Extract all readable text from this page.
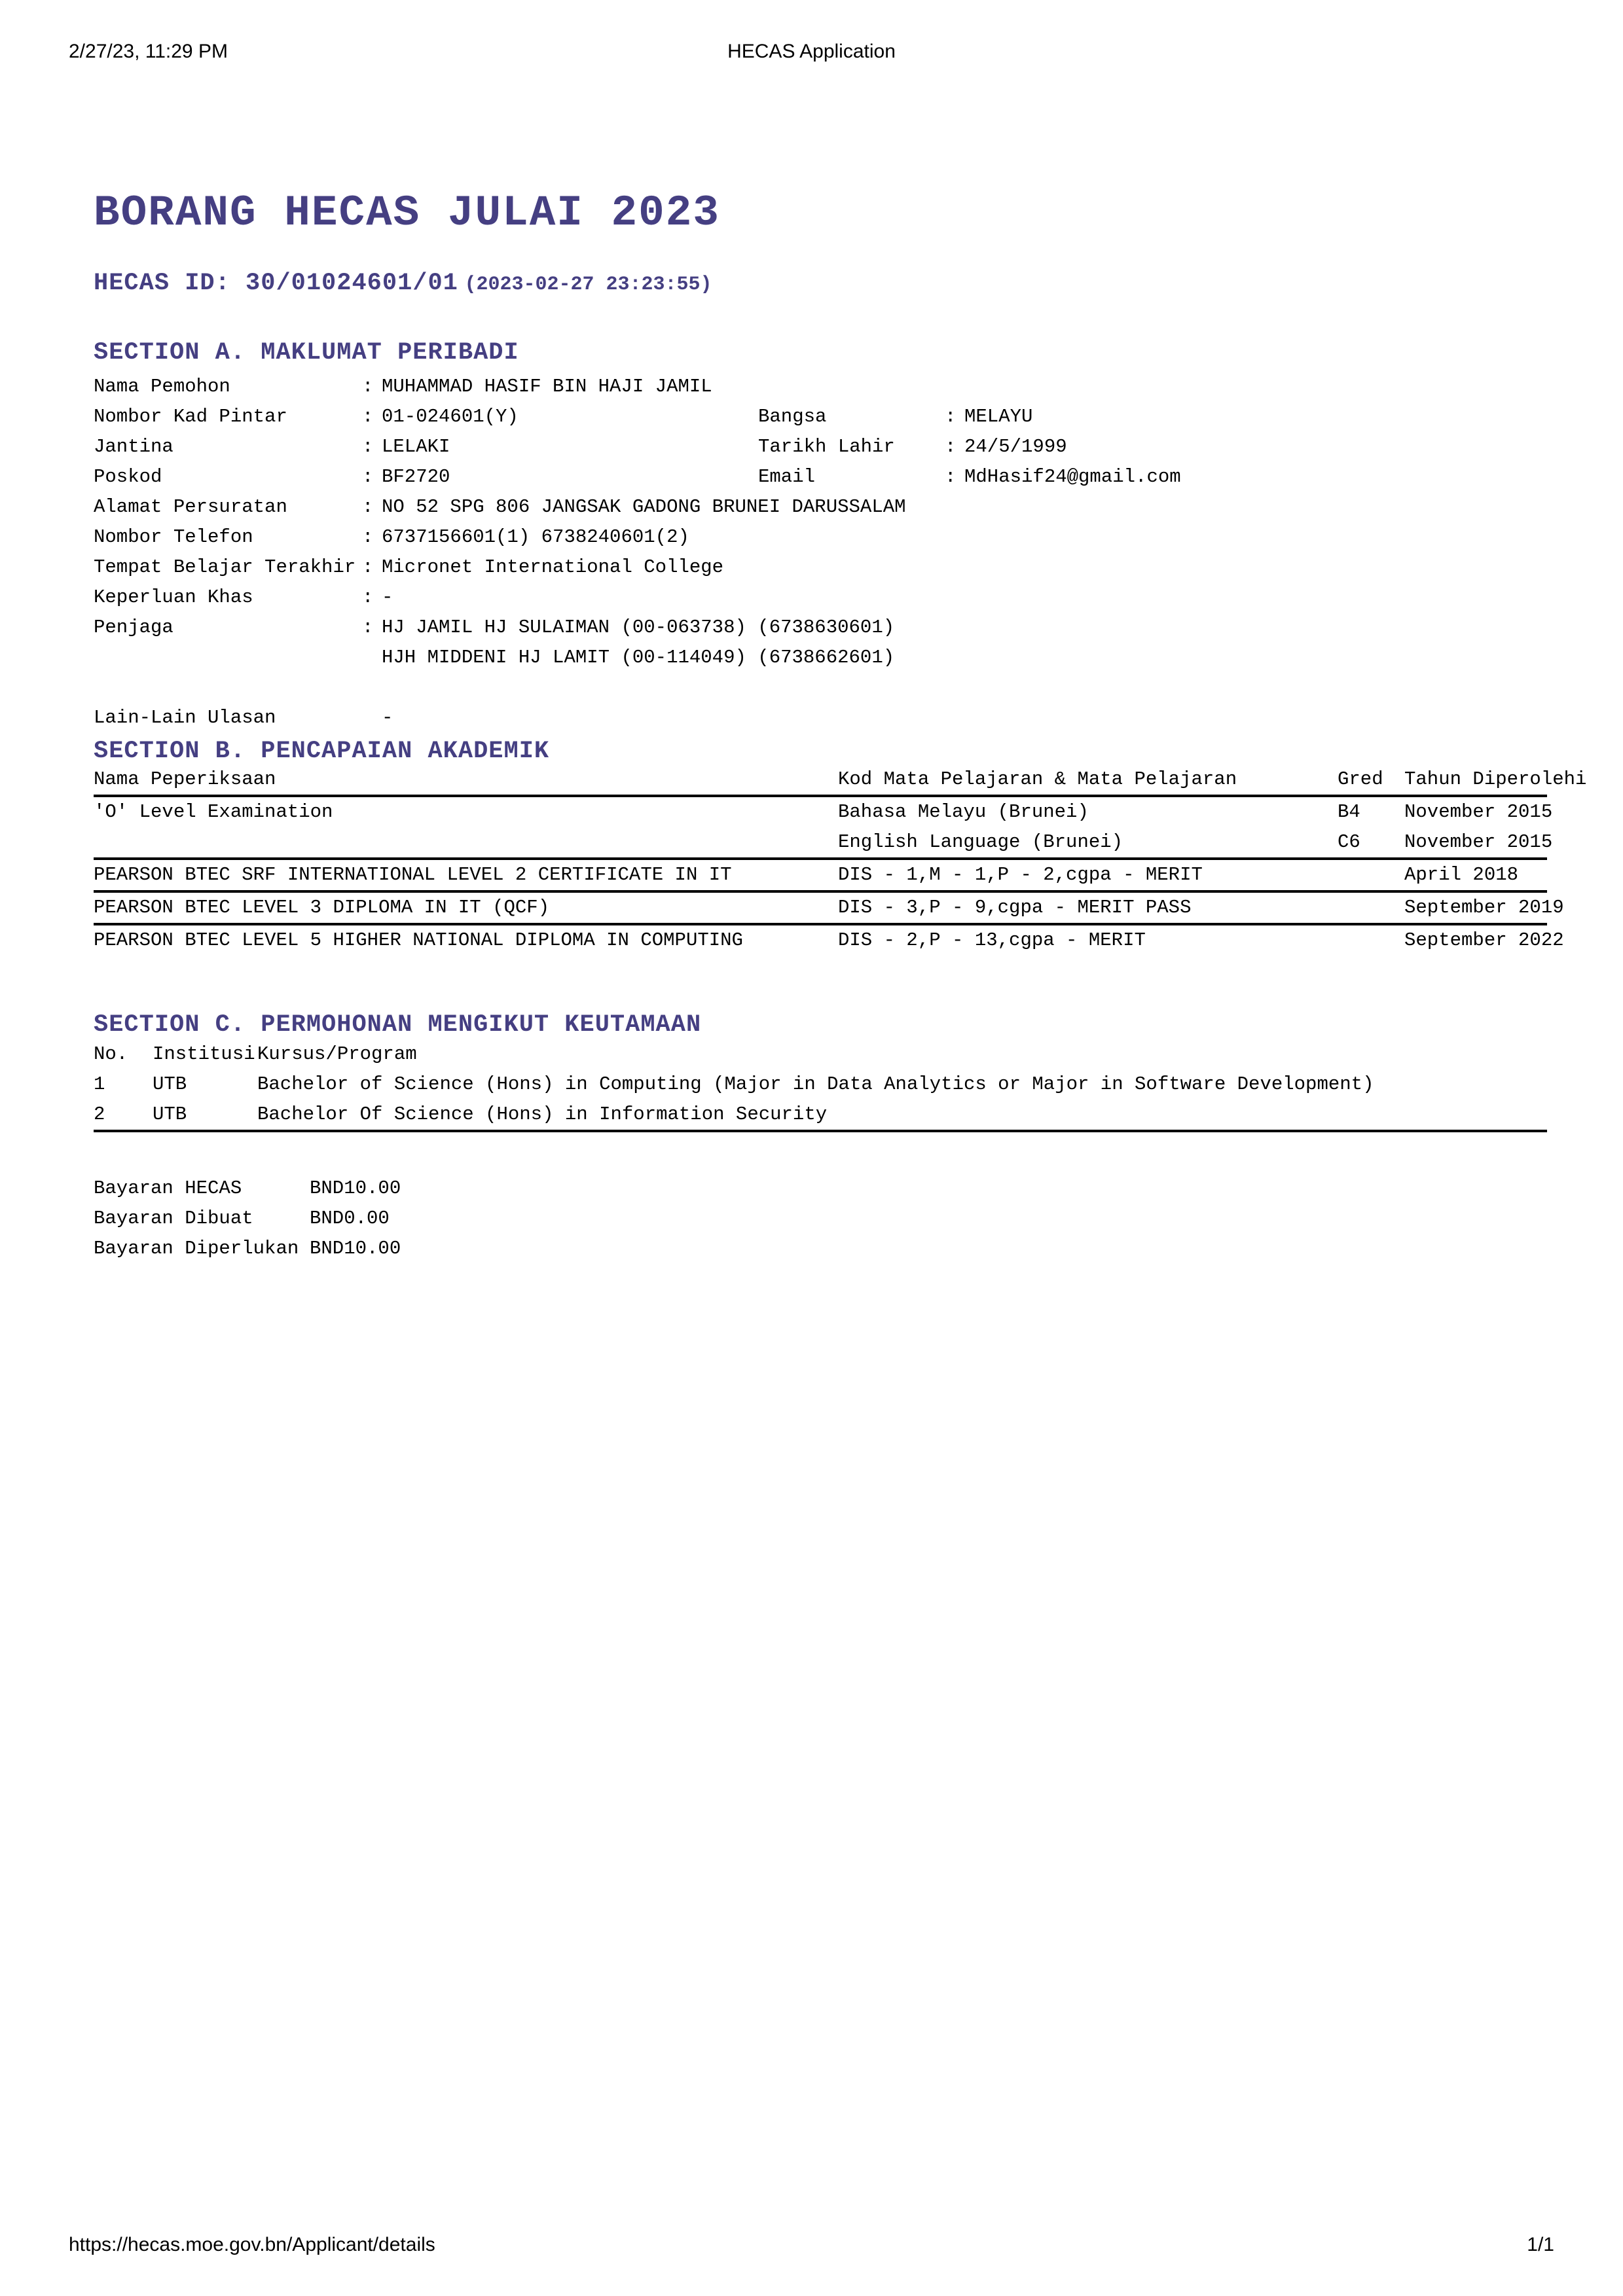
2/27/23, 11:29 PM	HECAS Application
BORANG HECAS JULAI 2023
HECAS ID: 30/01024601/01 (2023-02-27 23:23:55)
SECTION A. MAKLUMAT PERIBADI
Nama Pemohon	: MUHAMMAD HASIF BIN HAJI JAMIL
Nombor Kad Pintar	: 01-024601(Y)	Bangsa	: MELAYU
Jantina	: LELAKI	Tarikh Lahir	: 24/5/1999
Poskod	: BF2720	Email	: MdHasif24@gmail.com
Alamat Persuratan	: NO 52 SPG 806 JANGSAK GADONG BRUNEI DARUSSALAM
Nombor Telefon	: 6737156601(1) 6738240601(2)
Tempat Belajar Terakhir : Micronet International College
Keperluan Khas	: -
Penjaga	: HJ JAMIL HJ SULAIMAN (00-063738) (6738630601)
HJH MIDDENI HJ LAMIT (00-114049) (6738662601)
Lain-Lain Ulasan	-
SECTION B. PENCAPAIAN AKADEMIK
Nama Peperiksaan	Kod Mata Pelajaran & Mata Pelajaran	Gred	Tahun Diperolehi

'O' Level Examination	Bahasa Melayu (Brunei)	B4	November 2015
	English Language (Brunei)	C6	November 2015

PEARSON BTEC SRF INTERNATIONAL LEVEL 2 CERTIFICATE IN IT	DIS - 1,M - 1,P - 2,cgpa - MERIT		April 2018

PEARSON BTEC LEVEL 3 DIPLOMA IN IT (QCF)	DIS - 3,P - 9,cgpa - MERIT PASS		September 2019

PEARSON BTEC LEVEL 5 HIGHER NATIONAL DIPLOMA IN COMPUTING	DIS - 2,P - 13,cgpa - MERIT		September 2022
SECTION C. PERMOHONAN MENGIKUT KEUTAMAAN
No.	Institusi	Kursus/Program
1	UTB	Bachelor of Science (Hons) in Computing (Major in Data Analytics or Major in Software Development)
2	UTB	Bachelor Of Science (Hons) in Information Security

Bayaran HECAS	BND10.00
Bayaran Dibuat	BND0.00
Bayaran Diperlukan	BND10.00
https://hecas.moe.gov.bn/Applicant/details	1/1
